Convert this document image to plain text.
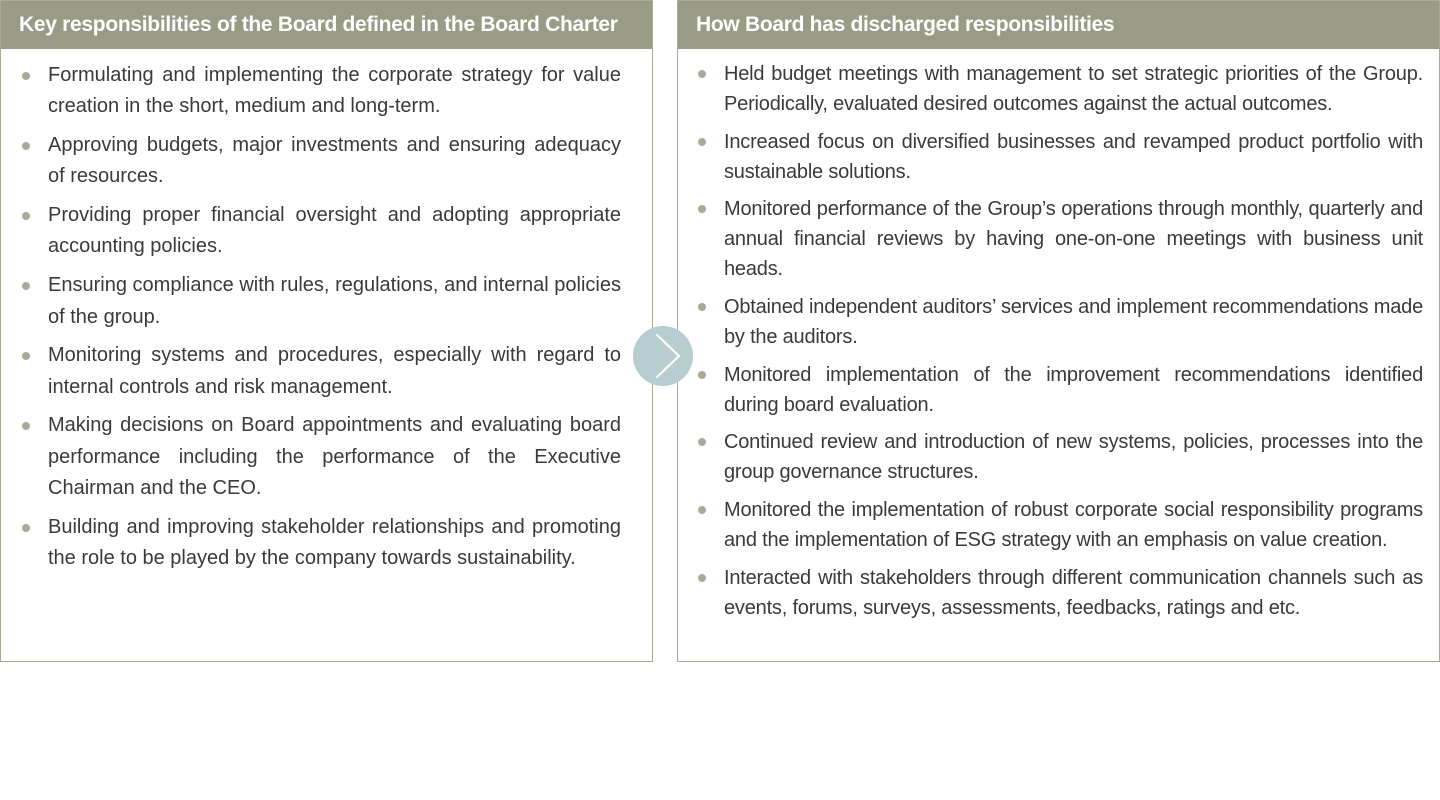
Key responsibilities of the Board defined in the Board Charter
Formulating and implementing the corporate strategy for value creation in the short, medium and long-term.
Approving budgets, major investments and ensuring adequacy of resources.
Providing proper financial oversight and adopting appropriate accounting policies.
Ensuring compliance with rules, regulations, and internal policies of the group.
Monitoring systems and procedures, especially with regard to internal controls and risk management.
Making decisions on Board appointments and evaluating board performance including the performance of the Executive Chairman and the CEO.
Building and improving stakeholder relationships and promoting the role to be played by the company towards sustainability.
How Board has discharged responsibilities
Held budget meetings with management to set strategic priorities of the Group. Periodically, evaluated desired outcomes against the actual outcomes.
Increased focus on diversified businesses and revamped product portfolio with sustainable solutions.
Monitored performance of the Group’s operations through monthly, quarterly and annual financial reviews by having one-on-one meetings with business unit heads.
Obtained independent auditors’ services and implement recommendations made by the auditors.
Monitored implementation of the improvement recommendations identified during board evaluation.
Continued review and introduction of new systems, policies, processes into the group governance structures.
Monitored the implementation of robust corporate social responsibility programs and the implementation of ESG strategy with an emphasis on value creation.
Interacted with stakeholders through different communication channels such as events, forums, surveys, assessments, feedbacks, ratings and etc.
